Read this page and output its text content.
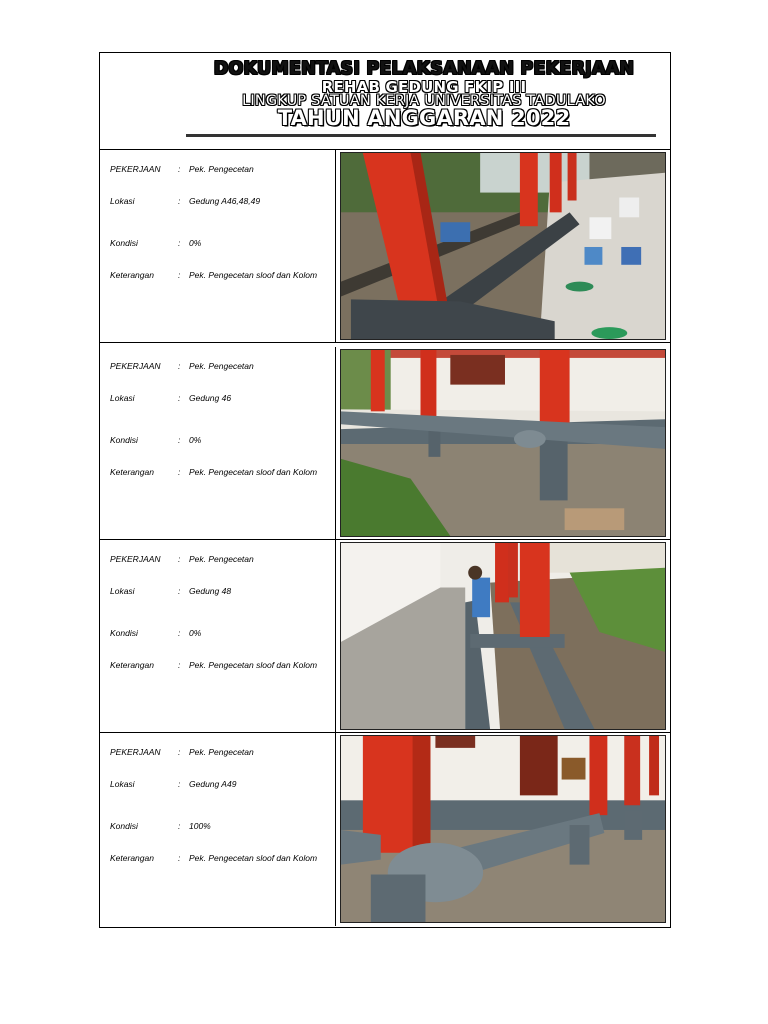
DOKUMENTASI PELAKSANAAN PEKERJAAN
REHAB GEDUNG FKIP III
LINGKUP SATUAN KERJA UNIVERSITAS TADULAKO
TAHUN ANGGARAN 2022
PEKERJAAN	: Pek. Pengecetan
Lokasi	: Gedung A46,48,49
Kondisi	: 0%
Keterangan	: Pek. Pengecetan sloof dan Kolom
PEKERJAAN	: Pek. Pengecetan
Lokasi	: Gedung 46
Kondisi	: 0%
Keterangan	: Pek. Pengecetan sloof dan Kolom
PEKERJAAN	: Pek. Pengecetan
Lokasi	: Gedung 48
Kondisi	: 0%
Keterangan	: Pek. Pengecetan sloof dan Kolom
PEKERJAAN	: Pek. Pengecetan
Lokasi	: Gedung A49
Kondisi	: 100%
Keterangan	: Pek. Pengecetan sloof dan Kolom
